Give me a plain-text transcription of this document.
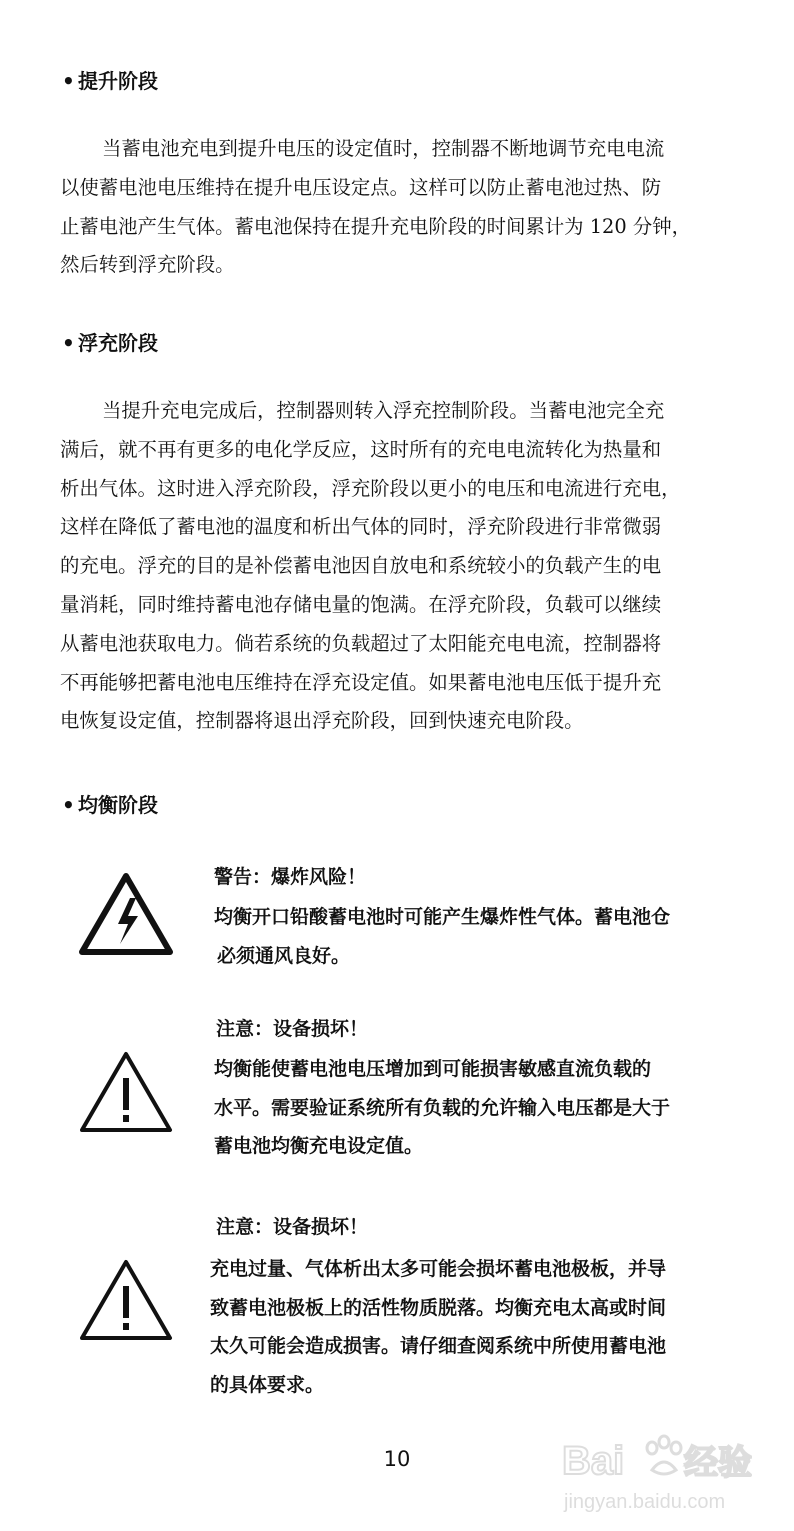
• 提升阶段
当蓄电池充电到提升电压的设定值时，控制器不断地调节充电电流
以使蓄电池电压维持在提升电压设定点。这样可以防止蓄电池过热、防
止蓄电池产生气体。蓄电池保持在提升充电阶段的时间累计为 120 分钟，
然后转到浮充阶段。
• 浮充阶段
当提升充电完成后，控制器则转入浮充控制阶段。当蓄电池完全充
满后，就不再有更多的电化学反应，这时所有的充电电流转化为热量和
析出气体。这时进入浮充阶段，浮充阶段以更小的电压和电流进行充电，
这样在降低了蓄电池的温度和析出气体的同时，浮充阶段进行非常微弱
的充电。浮充的目的是补偿蓄电池因自放电和系统较小的负载产生的电
量消耗，同时维持蓄电池存储电量的饱满。在浮充阶段，负载可以继续
从蓄电池获取电力。倘若系统的负载超过了太阳能充电电流，控制器将
不再能够把蓄电池电压维持在浮充设定值。如果蓄电池电压低于提升充
电恢复设定值，控制器将退出浮充阶段，回到快速充电阶段。
• 均衡阶段
警告：爆炸风险！
均衡开口铅酸蓄电池时可能产生爆炸性气体。蓄电池仓
必须通风良好。
注意：设备损坏！
均衡能使蓄电池电压增加到可能损害敏感直流负载的
水平。需要验证系统所有负载的允许输入电压都是大于
蓄电池均衡充电设定值。
注意：设备损坏！
充电过量、气体析出太多可能会损坏蓄电池极板，并导
致蓄电池极板上的活性物质脱落。均衡充电太高或时间
太久可能会造成损害。请仔细查阅系统中所使用蓄电池
的具体要求。
10	Bai 经验
jingyan.baidu.com
